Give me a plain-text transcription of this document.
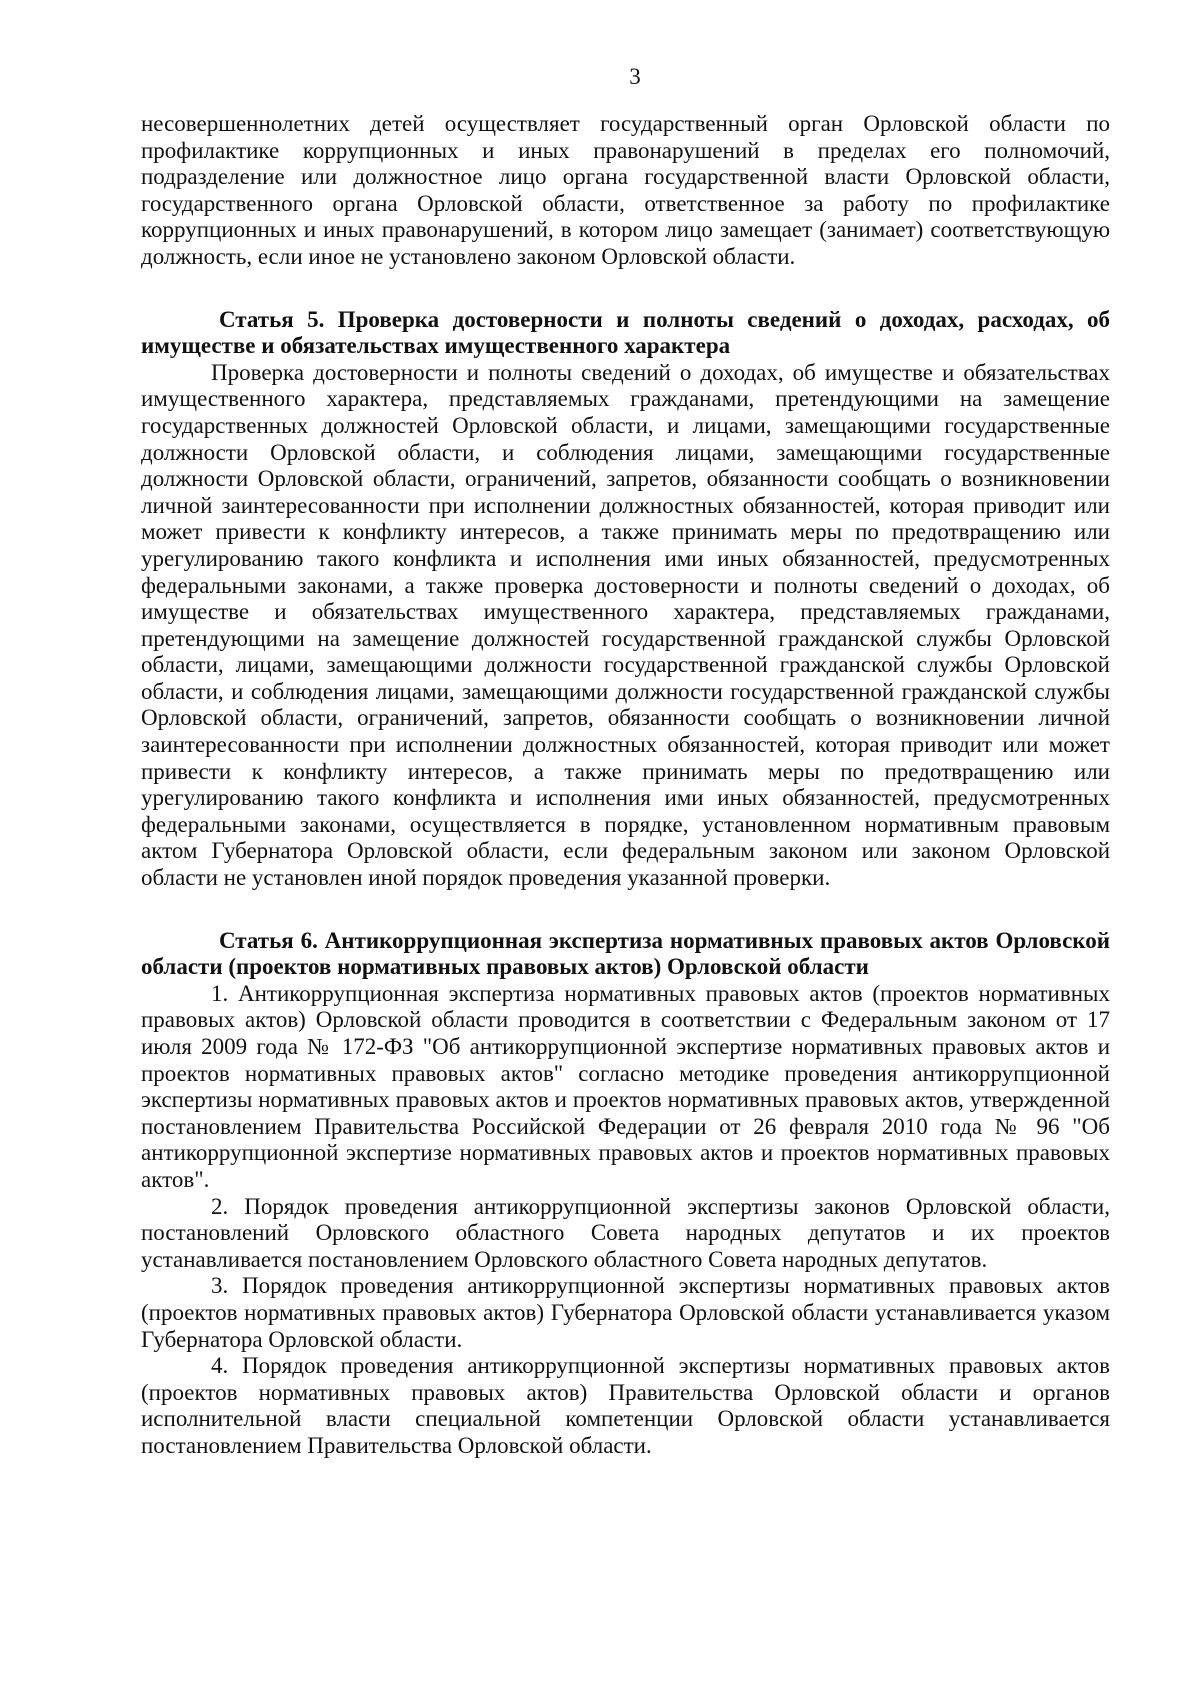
3

несовершеннолетних детей осуществляет государственный орган Орловской области по профилактике коррупционных и иных правонарушений в пределах его полномочий, подразделение или должностное лицо органа государственной власти Орловской области, государственного органа Орловской области, ответственное за работу по профилактике коррупционных и иных правонарушений, в котором лицо замещает (занимает) соответствующую должность, если иное не установлено законом Орловской области.

Статья 5. Проверка достоверности и полноты сведений о доходах, расходах, об имуществе и обязательствах имущественного характера

Проверка достоверности и полноты сведений о доходах, об имуществе и обязательствах имущественного характера, представляемых гражданами, претендующими на замещение государственных должностей Орловской области, и лицами, замещающими государственные должности Орловской области, и соблюдения лицами, замещающими государственные должности Орловской области, ограничений, запретов, обязанности сообщать о возникновении личной заинтересованности при исполнении должностных обязанностей, которая приводит или может привести к конфликту интересов, а также принимать меры по предотвращению или урегулированию такого конфликта и исполнения ими иных обязанностей, предусмотренных федеральными законами, а также проверка достоверности и полноты сведений о доходах, об имуществе и обязательствах имущественного характера, представляемых гражданами, претендующими на замещение должностей государственной гражданской службы Орловской области, лицами, замещающими должности государственной гражданской службы Орловской области, и соблюдения лицами, замещающими должности государственной гражданской службы Орловской области, ограничений, запретов, обязанности сообщать о возникновении личной заинтересованности при исполнении должностных обязанностей, которая приводит или может привести к конфликту интересов, а также принимать меры по предотвращению или урегулированию такого конфликта и исполнения ими иных обязанностей, предусмотренных федеральными законами, осуществляется в порядке, установленном нормативным правовым актом Губернатора Орловской области, если федеральным законом или законом Орловской области не установлен иной порядок проведения указанной проверки.

Статья 6. Антикоррупционная экспертиза нормативных правовых актов Орловской области (проектов нормативных правовых актов) Орловской области

1. Антикоррупционная экспертиза нормативных правовых актов (проектов нормативных правовых актов) Орловской области проводится в соответствии с Федеральным законом от 17 июля 2009 года № 172-ФЗ "Об антикоррупционной экспертизе нормативных правовых актов и проектов нормативных правовых актов" согласно методике проведения антикоррупционной экспертизы нормативных правовых актов и проектов нормативных правовых актов, утвержденной постановлением Правительства Российской Федерации от 26 февраля 2010 года № 96 "Об антикоррупционной экспертизе нормативных правовых актов и проектов нормативных правовых актов".

2. Порядок проведения антикоррупционной экспертизы законов Орловской области, постановлений Орловского областного Совета народных депутатов и их проектов устанавливается постановлением Орловского областного Совета народных депутатов.

3. Порядок проведения антикоррупционной экспертизы нормативных правовых актов (проектов нормативных правовых актов) Губернатора Орловской области устанавливается указом Губернатора Орловской области.

4. Порядок проведения антикоррупционной экспертизы нормативных правовых актов (проектов нормативных правовых актов) Правительства Орловской области и органов исполнительной власти специальной компетенции Орловской области устанавливается постановлением Правительства Орловской области.
